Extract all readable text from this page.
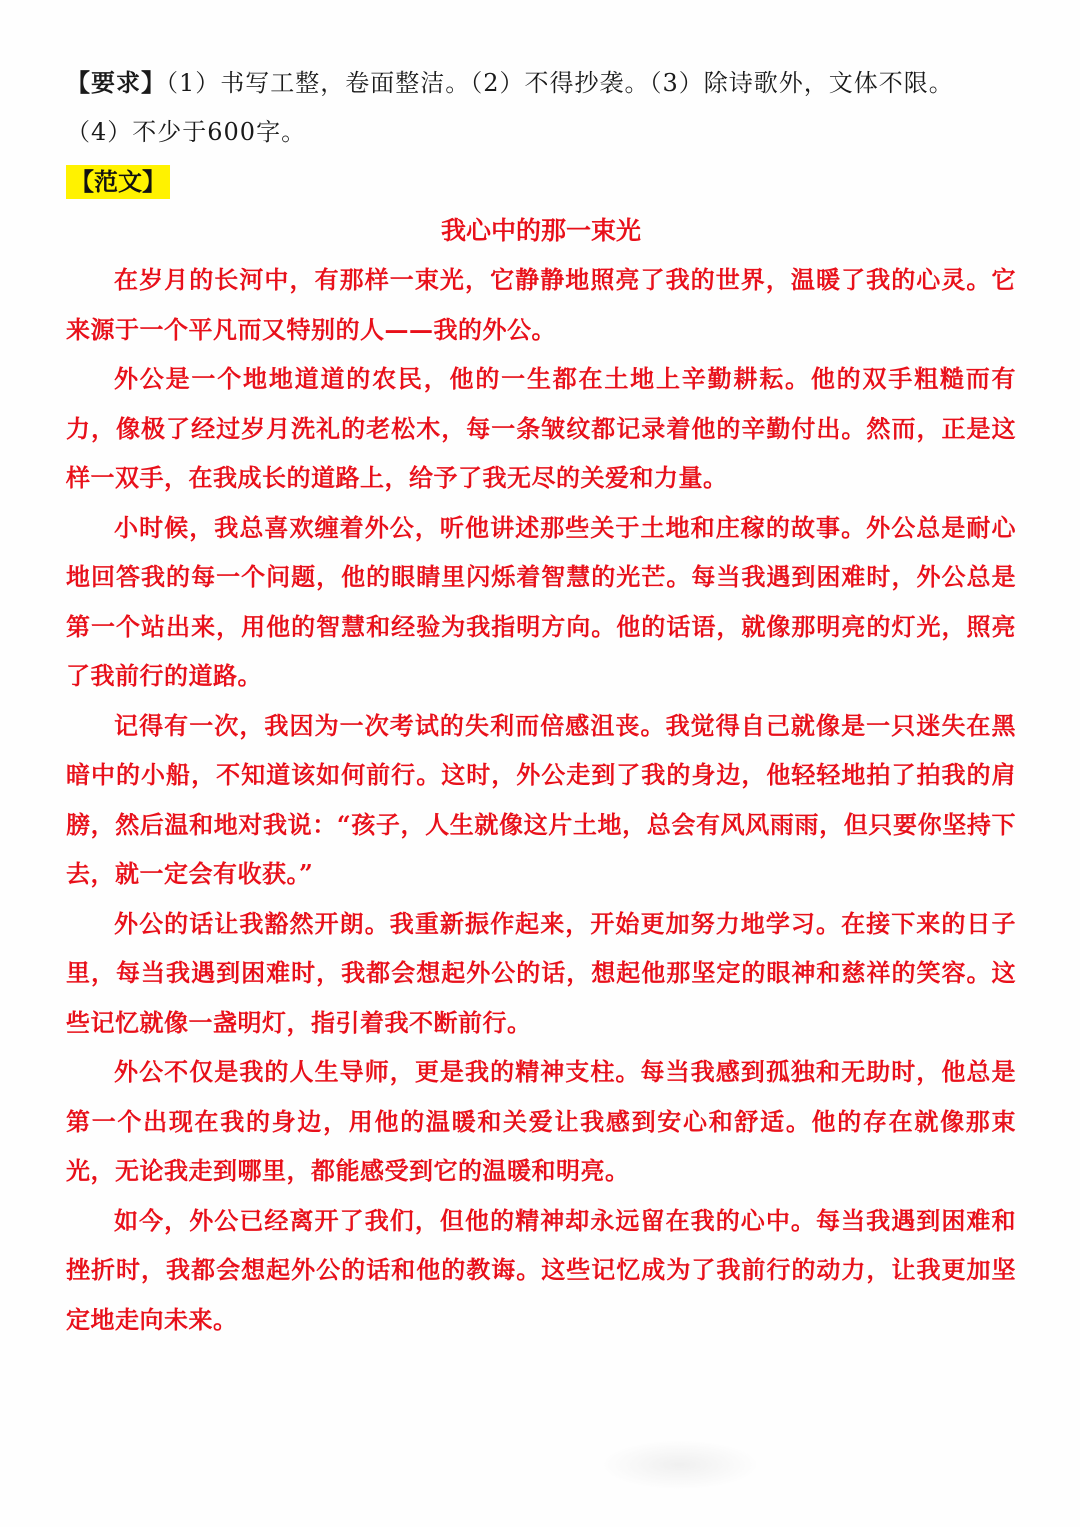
【要求】（1）书写工整，卷面整洁。（2）不得抄袭。（3）除诗歌外，文体不限。

（4）不少于600字。

【范文】

我心中的那一束光

在岁月的长河中，有那样一束光，它静静地照亮了我的世界，温暖了我的心灵。它来源于一个平凡而又特别的人——我的外公。

外公是一个地地道道的农民，他的一生都在土地上辛勤耕耘。他的双手粗糙而有力，像极了经过岁月洗礼的老松木，每一条皱纹都记录着他的辛勤付出。然而，正是这样一双手，在我成长的道路上，给予了我无尽的关爱和力量。

小时候，我总喜欢缠着外公，听他讲述那些关于土地和庄稼的故事。外公总是耐心地回答我的每一个问题，他的眼睛里闪烁着智慧的光芒。每当我遇到困难时，外公总是第一个站出来，用他的智慧和经验为我指明方向。他的话语，就像那明亮的灯光，照亮了我前行的道路。

记得有一次，我因为一次考试的失利而倍感沮丧。我觉得自己就像是一只迷失在黑暗中的小船，不知道该如何前行。这时，外公走到了我的身边，他轻轻地拍了拍我的肩膀，然后温和地对我说：“孩子，人生就像这片土地，总会有风风雨雨，但只要你坚持下去，就一定会有收获。”

外公的话让我豁然开朗。我重新振作起来，开始更加努力地学习。在接下来的日子里，每当我遇到困难时，我都会想起外公的话，想起他那坚定的眼神和慈祥的笑容。这些记忆就像一盏明灯，指引着我不断前行。

外公不仅是我的人生导师，更是我的精神支柱。每当我感到孤独和无助时，他总是第一个出现在我的身边，用他的温暖和关爱让我感到安心和舒适。他的存在就像那束光，无论我走到哪里，都能感受到它的温暖和明亮。

如今，外公已经离开了我们，但他的精神却永远留在我的心中。每当我遇到困难和挫折时，我都会想起外公的话和他的教诲。这些记忆成为了我前行的动力，让我更加坚定地走向未来。
